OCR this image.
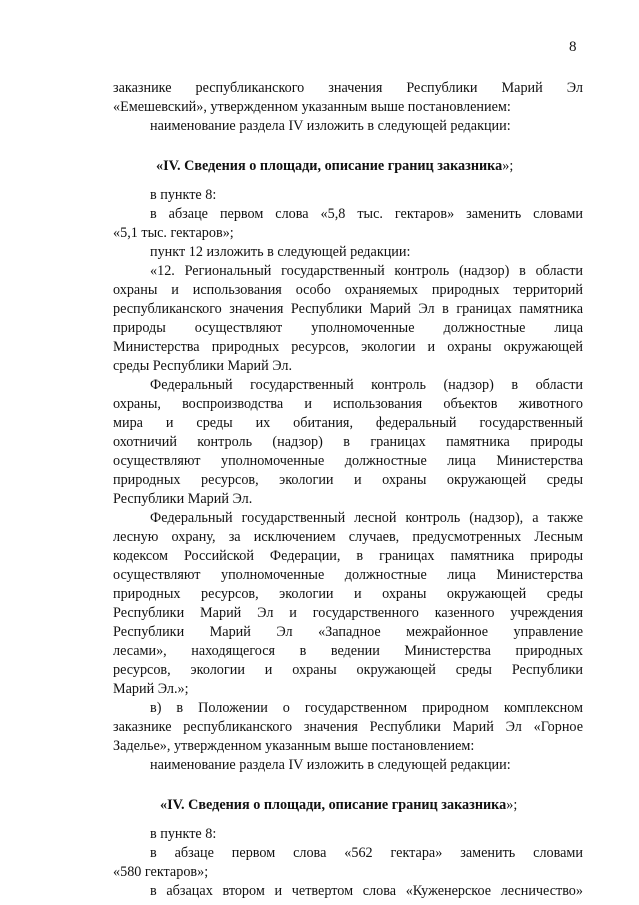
8
заказнике республиканского значения Республики Марий Эл
«Емешевский», утвержденном указанным выше постановлением:
наименование раздела IV изложить в следующей редакции:
«IV. Сведения о площади, описание границ заказника»;
в пункте 8:
в абзаце первом слова «5,8 тыс. гектаров» заменить словами
«5,1 тыс. гектаров»;
пункт 12 изложить в следующей редакции:
«12. Региональный государственный контроль (надзор) в области
охраны и использования особо охраняемых природных территорий
республиканского значения Республики Марий Эл в границах памятника
природы осуществляют уполномоченные должностные лица
Министерства природных ресурсов, экологии и охраны окружающей
среды Республики Марий Эл.
Федеральный государственный контроль (надзор) в области
охраны, воспроизводства и использования объектов животного
мира и среды их обитания, федеральный государственный
охотничий контроль (надзор) в границах памятника природы
осуществляют уполномоченные должностные лица Министерства
природных ресурсов, экологии и охраны окружающей среды
Республики Марий Эл.
Федеральный государственный лесной контроль (надзор), а также
лесную охрану, за исключением случаев, предусмотренных Лесным
кодексом Российской Федерации, в границах памятника природы
осуществляют уполномоченные должностные лица Министерства
природных ресурсов, экологии и охраны окружающей среды
Республики Марий Эл и государственного казенного учреждения
Республики Марий Эл «Западное межрайонное управление
лесами», находящегося в ведении Министерства природных
ресурсов, экологии и охраны окружающей среды Республики
Марий Эл.»;
в) в Положении о государственном природном комплексном
заказнике республиканского значения Республики Марий Эл «Горное
Заделье», утвержденном указанным выше постановлением:
наименование раздела IV изложить в следующей редакции:
«IV. Сведения о площади, описание границ заказника»;
в пункте 8:
в абзаце первом слова «562 гектара» заменить словами
«580 гектаров»;
в абзацах втором и четвертом слова «Куженерское лесничество»
